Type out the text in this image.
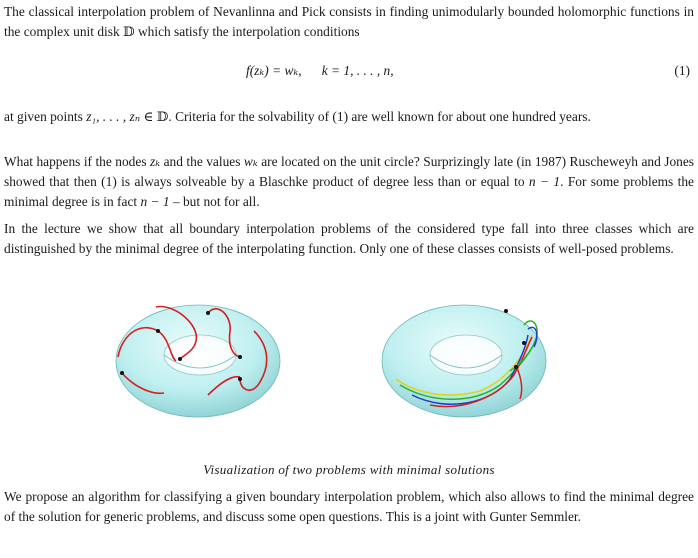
The classical interpolation problem of Nevanlinna and Pick consists in finding unimodularly bounded holomorphic functions in the complex unit disk 𝔻 which satisfy the interpolation conditions

f(zₖ) = wₖ,      k = 1, . . . , n,	(1)

at given points z₁, . . . , zₙ ∈ 𝔻. Criteria for the solvability of (1) are well known for about one hundred years.

What happens if the nodes zₖ and the values wₖ are located on the unit circle? Surprizingly late (in 1987) Ruscheweyh and Jones showed that then (1) is always solveable by a Blaschke product of degree less than or equal to n − 1. For some problems the minimal degree is in fact n − 1 – but not for all.

In the lecture we show that all boundary interpolation problems of the considered type fall into three classes which are distinguished by the minimal degree of the interpolating function. Only one of these classes consists of well-posed problems.

Visualization of two problems with minimal solutions

We propose an algorithm for classifying a given boundary interpolation problem, which also allows to find the minimal degree of the solution for generic problems, and discuss some open questions. This is a joint with Gunter Semmler.
